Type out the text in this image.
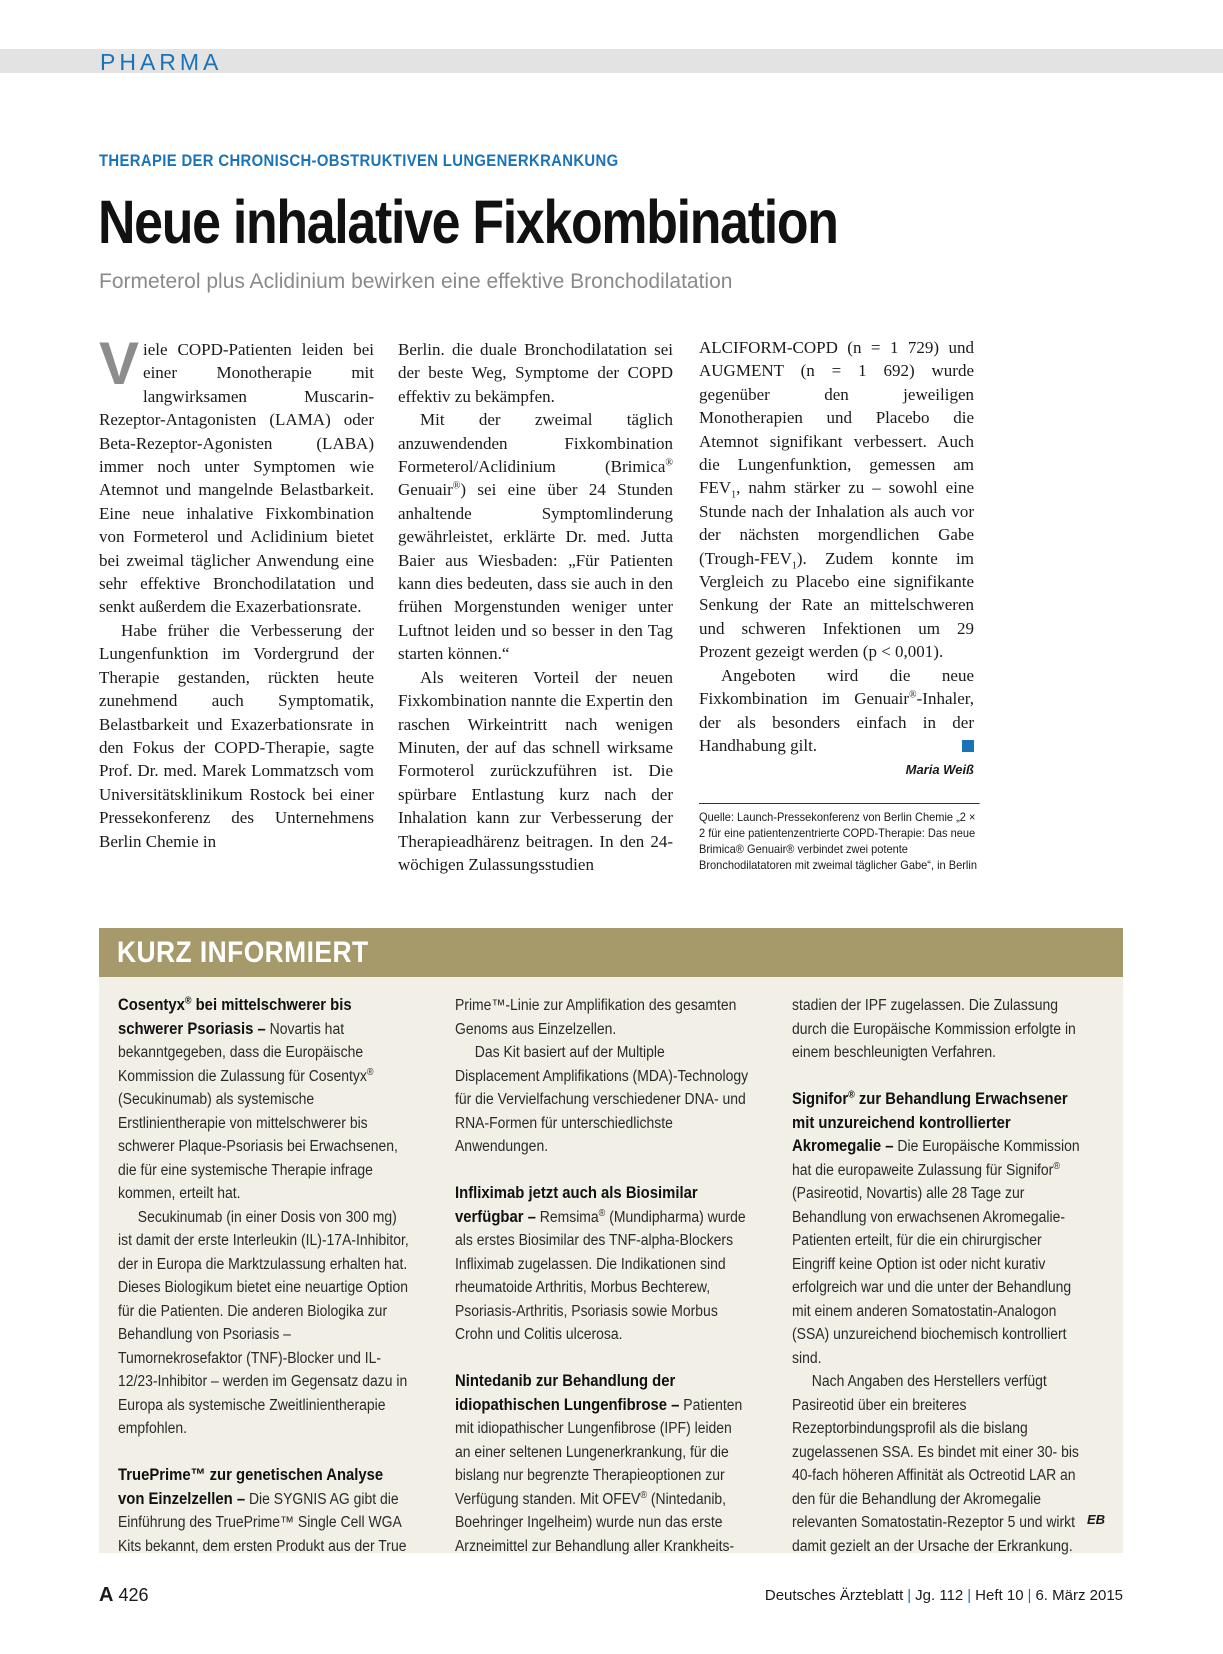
PHARMA
THERAPIE DER CHRONISCH-OBSTRUKTIVEN LUNGENERKRANKUNG
Neue inhalative Fixkombination
Formeterol plus Aclidinium bewirken eine effektive Bronchodilatation

Viele COPD-Patienten leiden bei einer Monotherapie mit langwirksamen Muscarin-Rezeptor-Antagonisten (LAMA) oder Beta-Rezeptor-Agonisten (LABA) immer noch unter Symptomen wie Atemnot und mangelnde Belastbarkeit. Eine neue inhalative Fixkombination von Formeterol und Aclidinium bietet bei zweimal täglicher Anwendung eine sehr effektive Bronchodilatation und senkt außerdem die Exazerbationsrate.

Habe früher die Verbesserung der Lungenfunktion im Vordergrund der Therapie gestanden, rückten heute zunehmend auch Symptomatik, Belastbarkeit und Exazerbationsrate in den Fokus der COPD-Therapie, sagte Prof. Dr. med. Marek Lommatzsch vom Universitätsklinikum Rostock bei einer Pressekonferenz des Unternehmens Berlin Chemie in

Berlin. die duale Bronchodilatation sei der beste Weg, Symptome der COPD effektiv zu bekämpfen.

Mit der zweimal täglich anzuwendenden Fixkombination Formeterol/Aclidinium (Brimica® Genuair®) sei eine über 24 Stunden anhaltende Symptomlinderung gewährleistet, erklärte Dr. med. Jutta Baier aus Wiesbaden: „Für Patienten kann dies bedeuten, dass sie auch in den frühen Morgenstunden weniger unter Luftnot leiden und so besser in den Tag starten können.“

Als weiteren Vorteil der neuen Fixkombination nannte die Expertin den raschen Wirkeintritt nach wenigen Minuten, der auf das schnell wirksame Formoterol zurückzuführen ist. Die spürbare Entlastung kurz nach der Inhalation kann zur Verbesserung der Therapieadhärenz beitragen. In den 24-wöchigen Zulassungsstudien

ALCIFORM-COPD (n = 1 729) und AUGMENT (n = 1 692) wurde gegenüber den jeweiligen Monotherapien und Placebo die Atemnot signifikant verbessert. Auch die Lungenfunktion, gemessen am $FEV_1$, nahm stärker zu – sowohl eine Stunde nach der Inhalation als auch vor der nächsten morgendlichen Gabe $(Trough-FEV_1)$. Zudem konnte im Vergleich zu Placebo eine signifikante Senkung der Rate an mittelschweren und schweren Infektionen um 29 Prozent gezeigt werden (p < 0,001).

Angeboten wird die neue Fixkombination im Genuair®-Inhaler, der als besonders einfach in der Handhabung gilt.

Maria Weiß
Quelle: Launch-Pressekonferenz von Berlin Chemie „2 × 2 für eine patientenzentrierte COPD-Therapie: Das neue Brimica® Genuair® verbindet zwei potente Bronchodilatatoren mit zweimal täglicher Gabe“, in Berlin
KURZ INFORMIERT

Cosentyx® bei mittelschwerer bis schwerer Psoriasis – Novartis hat bekanntgegeben, dass die Europäische Kommission die Zulassung für Cosentyx® (Secukinumab) als systemische Erstlinientherapie von mittelschwerer bis schwerer Plaque-Psoriasis bei Erwachsenen, die für eine systemische Therapie infrage kommen, erteilt hat.

Secukinumab (in einer Dosis von 300 mg) ist damit der erste Interleukin (IL)-17A-Inhibitor, der in Europa die Marktzulassung erhalten hat. Dieses Biologikum bietet eine neuartige Option für die Patienten. Die anderen Biologika zur Behandlung von Psoriasis – Tumornekrosefaktor (TNF)-Blocker und IL-12/23-Inhibitor – werden im Gegensatz dazu in Europa als systemische Zweitlinientherapie empfohlen.

TruePrime™ zur genetischen Analyse von Einzelzellen – Die SYGNIS AG gibt die Einführung des TruePrime™ Single Cell WGA Kits bekannt, dem ersten Produkt aus der True

Prime™-Linie zur Amplifikation des gesamten Genoms aus Einzelzellen.

Das Kit basiert auf der Multiple Displacement Amplifikations (MDA)-Technology für die Vervielfachung verschiedener DNA- und RNA-Formen für unterschiedlichste Anwendungen.

Infliximab jetzt auch als Biosimilar verfügbar – Remsima® (Mundipharma) wurde als erstes Biosimilar des TNF-alpha-Blockers Infliximab zugelassen. Die Indikationen sind rheumatoide Arthritis, Morbus Bechterew, Psoriasis-Arthritis, Psoriasis sowie Morbus Crohn und Colitis ulcerosa.

Nintedanib zur Behandlung der idiopathischen Lungenfibrose – Patienten mit idiopathischer Lungenfibrose (IPF) leiden an einer seltenen Lungenerkrankung, für die bislang nur begrenzte Therapieoptionen zur Verfügung standen. Mit OFEV® (Nintedanib, Boehringer Ingelheim) wurde nun das erste Arzneimittel zur Behandlung aller Krankheits-

stadien der IPF zugelassen. Die Zulassung durch die Europäische Kommission erfolgte in einem beschleunigten Verfahren.

Signifor® zur Behandlung Erwachsener mit unzureichend kontrollierter Akromegalie – Die Europäische Kommission hat die europaweite Zulassung für Signifor® (Pasireotid, Novartis) alle 28 Tage zur Behandlung von erwachsenen Akromegalie-Patienten erteilt, für die ein chirurgischer Eingriff keine Option ist oder nicht kurativ erfolgreich war und die unter der Behandlung mit einem anderen Somatostatin-Analogon (SSA) unzureichend biochemisch kontrolliert sind.

Nach Angaben des Herstellers verfügt Pasireotid über ein breiteres Rezeptorbindungsprofil als die bislang zugelassenen SSA. Es bindet mit einer 30- bis 40-fach höheren Affinität als Octreotid LAR an den für die Behandlung der Akromegalie relevanten Somatostatin-Rezeptor 5 und wirkt damit gezielt an der Ursache der Erkrankung.

EB
A 426	Deutsches Ärzteblatt | Jg. 112 | Heft 10 | 6. März 2015
